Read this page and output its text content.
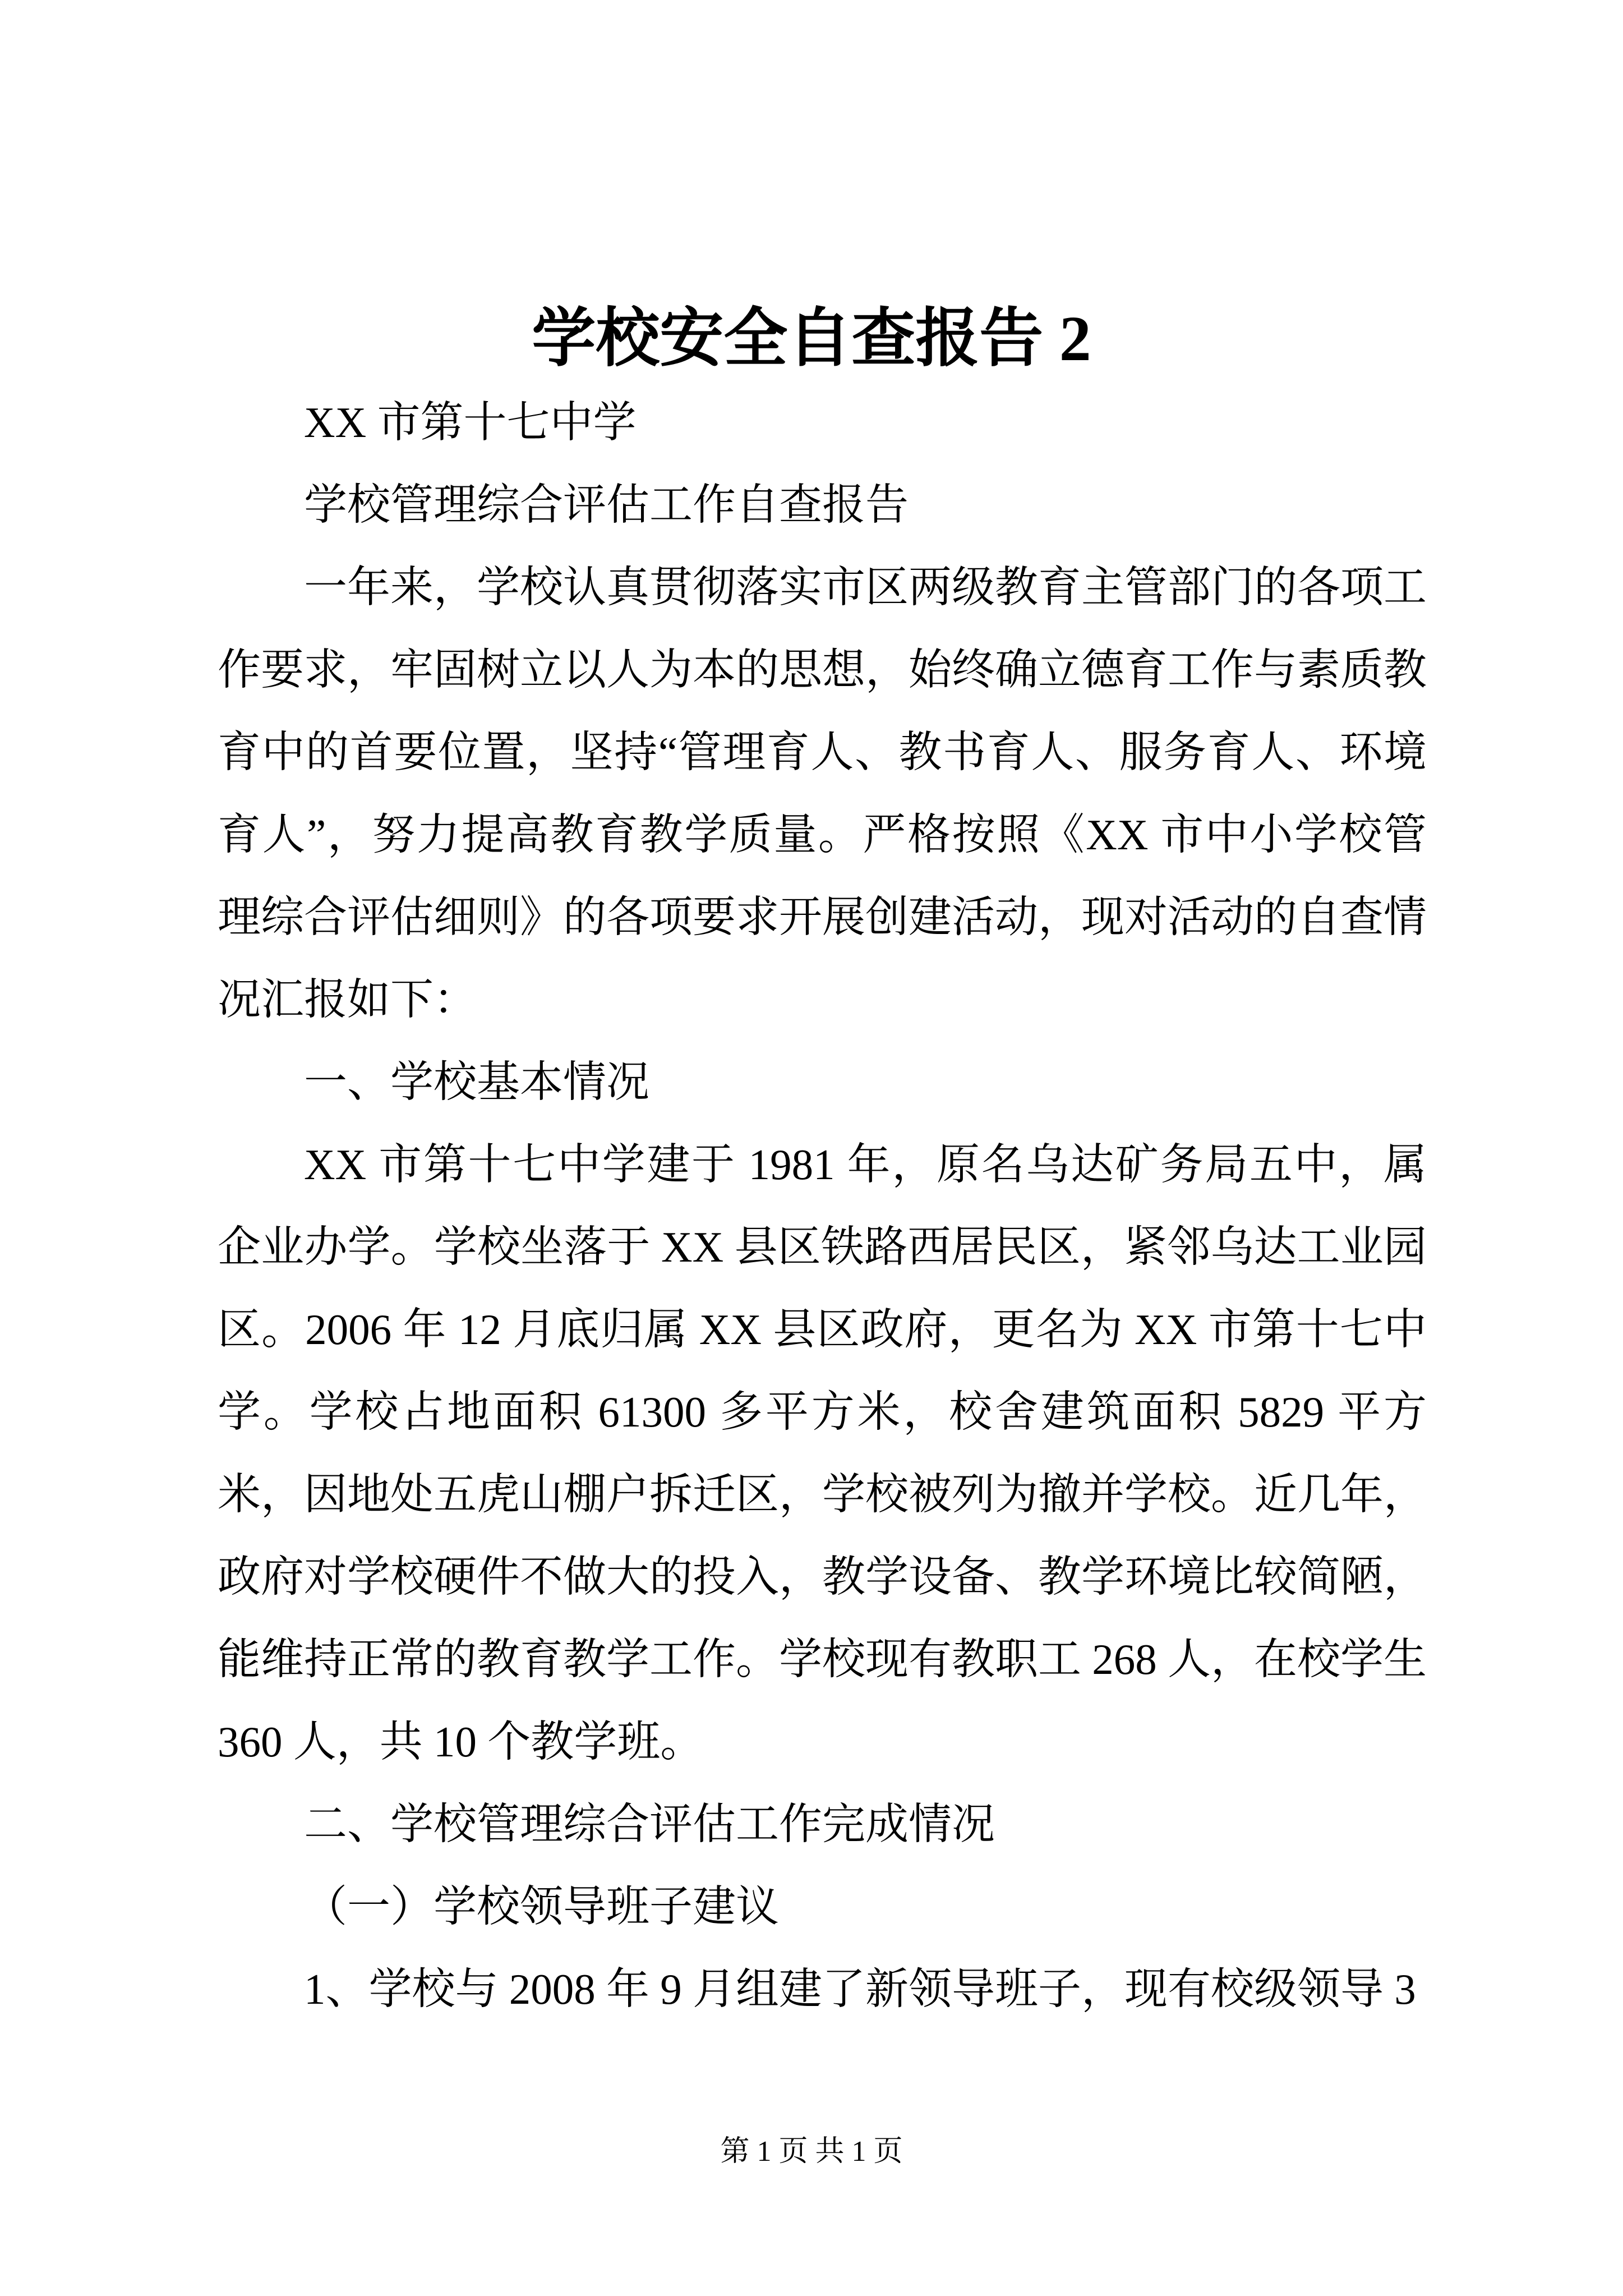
学校安全自查报告 2

XX 市第十七中学

学校管理综合评估工作自查报告

一年来，学校认真贯彻落实市区两级教育主管部门的各项工作要求，牢固树立以人为本的思想，始终确立德育工作与素质教育中的首要位置，坚持“管理育人、教书育人、服务育人、环境育人”，努力提高教育教学质量。严格按照《XX 市中小学校管理综合评估细则》的各项要求开展创建活动，现对活动的自查情况汇报如下：

一、学校基本情况

XX 市第十七中学建于 1981 年，原名乌达矿务局五中，属企业办学。学校坐落于 XX 县区铁路西居民区，紧邻乌达工业园区。2006 年 12 月底归属 XX 县区政府，更名为 XX 市第十七中学。学校占地面积 61300 多平方米，校舍建筑面积 5829 平方米，因地处五虎山棚户拆迁区，学校被列为撤并学校。近几年，政府对学校硬件不做大的投入，教学设备、教学环境比较简陋，能维持正常的教育教学工作。学校现有教职工 268 人，在校学生 360 人，共 10 个教学班。

二、学校管理综合评估工作完成情况

（一）学校领导班子建议

1、学校与 2008 年 9 月组建了新领导班子，现有校级领导 3

第 1 页 共 1 页
